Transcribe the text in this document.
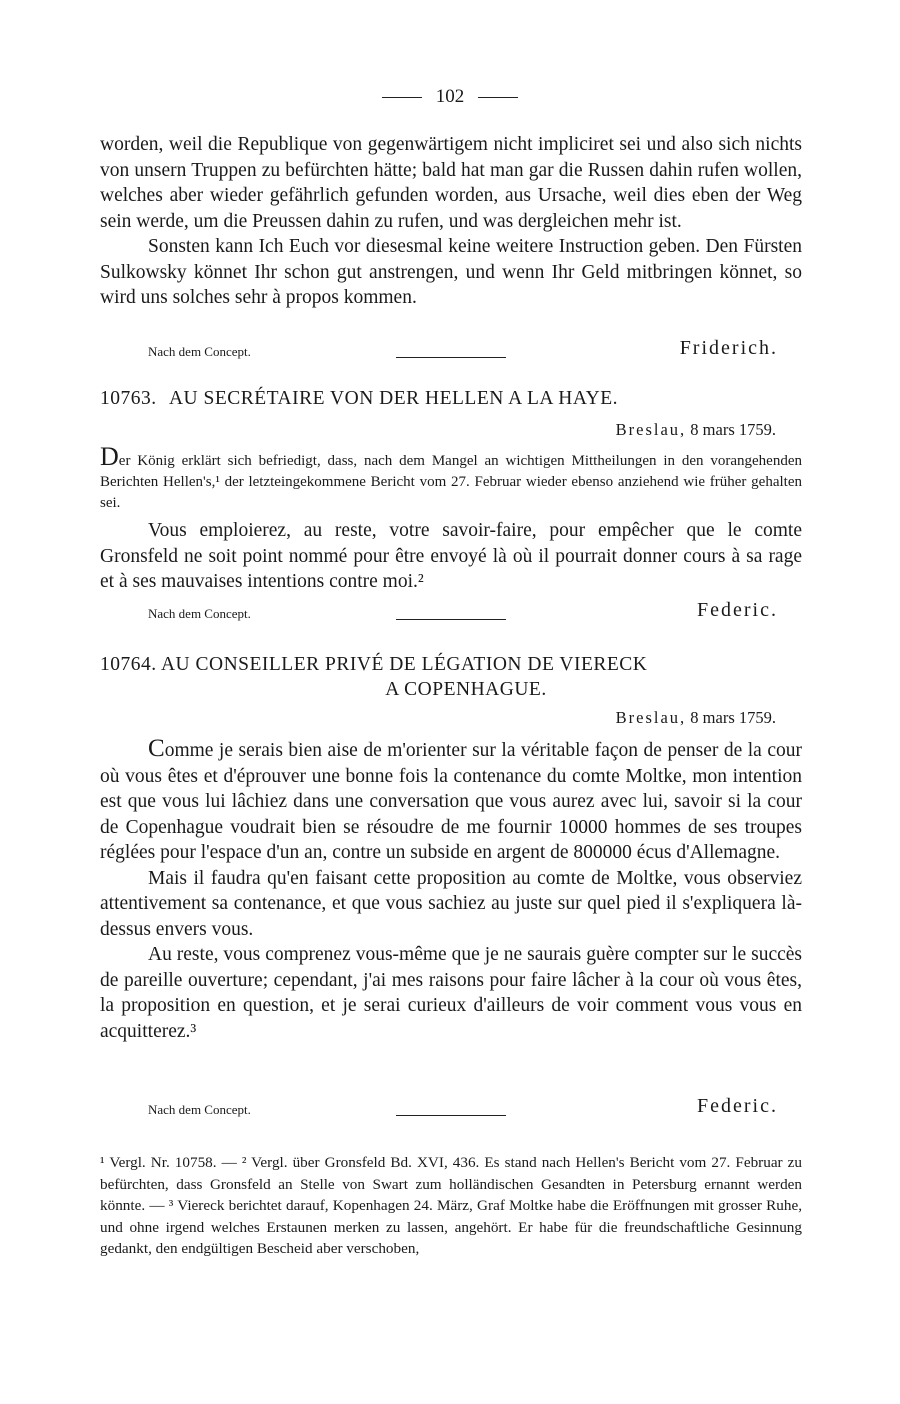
102

worden, weil die Republique von gegenwärtigem nicht impliciret sei und also sich nichts von unsern Truppen zu befürchten hätte; bald hat man gar die Russen dahin rufen wollen, welches aber wieder gefährlich gefunden worden, aus Ursache, weil dies eben der Weg sein werde, um die Preussen dahin zu rufen, und was dergleichen mehr ist.

Sonsten kann Ich Euch vor diesesmal keine weitere Instruction geben. Den Fürsten Sulkowsky könnet Ihr schon gut anstrengen, und wenn Ihr Geld mitbringen könnet, so wird uns solches sehr à propos kommen.

Nach dem Concept.	Friderich.
10763. AU SECRÉTAIRE VON DER HELLEN A LA HAYE.
Breslau, 8 mars 1759.
Der König erklärt sich befriedigt, dass, nach dem Mangel an wichtigen Mittheilungen in den vorangehenden Berichten Hellen's,¹ der letzteingekommene Bericht vom 27. Februar wieder ebenso anziehend wie früher gehalten sei.

Vous emploierez, au reste, votre savoir-faire, pour empêcher que le comte Gronsfeld ne soit point nommé pour être envoyé là où il pourrait donner cours à sa rage et à ses mauvaises intentions contre moi.²

Nach dem Concept.	Federic.
10764. AU CONSEILLER PRIVÉ DE LÉGATION DE VIERECK
A COPENHAGUE.
Breslau, 8 mars 1759.

Comme je serais bien aise de m'orienter sur la véritable façon de penser de la cour où vous êtes et d'éprouver une bonne fois la contenance du comte Moltke, mon intention est que vous lui lâchiez dans une conversation que vous aurez avec lui, savoir si la cour de Copenhague voudrait bien se résoudre de me fournir 10000 hommes de ses troupes réglées pour l'espace d'un an, contre un subside en argent de 800000 écus d'Allemagne.

Mais il faudra qu'en faisant cette proposition au comte de Moltke, vous observiez attentivement sa contenance, et que vous sachiez au juste sur quel pied il s'expliquera là-dessus envers vous.

Au reste, vous comprenez vous-même que je ne saurais guère compter sur le succès de pareille ouverture; cependant, j'ai mes raisons pour faire lâcher à la cour où vous êtes, la proposition en question, et je serai curieux d'ailleurs de voir comment vous vous en acquitterez.³

Nach dem Concept.	Federic.

¹ Vergl. Nr. 10758. — ² Vergl. über Gronsfeld Bd. XVI, 436. Es stand nach Hellen's Bericht vom 27. Februar zu befürchten, dass Gronsfeld an Stelle von Swart zum holländischen Gesandten in Petersburg ernannt werden könnte. — ³ Viereck berichtet darauf, Kopenhagen 24. März, Graf Moltke habe die Eröffnungen mit grosser Ruhe, und ohne irgend welches Erstaunen merken zu lassen, angehört. Er habe für die freundschaftliche Gesinnung gedankt, den endgültigen Bescheid aber verschoben,
